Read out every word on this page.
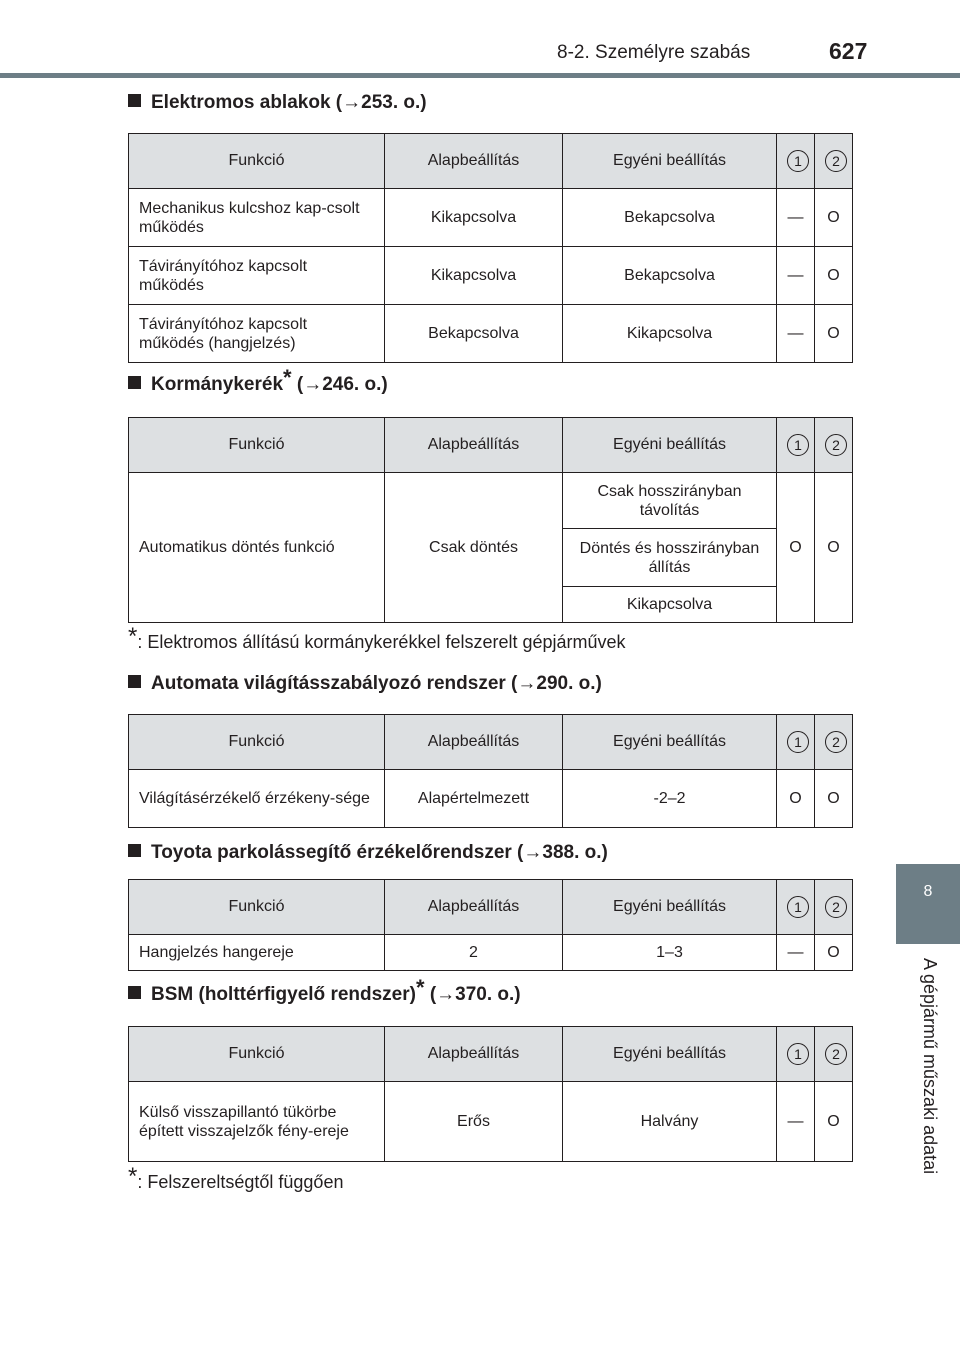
8-2. Személyre szabás	627
8
A gépjármű műszaki adatai
Elektromos ablakok (→253. o.)
Funkció	Alapbeállítás	Egyéni beállítás	1	2
Mechanikus kulcshoz kap-csolt működés	Kikapcsolva	Bekapcsolva	—	O
Távirányítóhoz kapcsolt működés	Kikapcsolva	Bekapcsolva	—	O
Távirányítóhoz kapcsolt működés (hangjelzés)	Bekapcsolva	Kikapcsolva	—	O
Kormánykerék* (→246. o.)
Funkció	Alapbeállítás	Egyéni beállítás	1	2
Automatikus döntés funkció	Csak döntés	Csak hosszirányban távolítás	O	O
		Döntés és hosszirányban állítás		
		Kikapcsolva		
*: Elektromos állítású kormánykerékkel felszerelt gépjárművek
Automata világításszabályozó rendszer (→290. o.)
Funkció	Alapbeállítás	Egyéni beállítás	1	2
Világításérzékelő érzékeny-sége	Alapértelmezett	-2–2	O	O
Toyota parkolássegítő érzékelőrendszer (→388. o.)
Funkció	Alapbeállítás	Egyéni beállítás	1	2
Hangjelzés hangereje	2	1–3	—	O
BSM (holttérfigyelő rendszer)* (→370. o.)
Funkció	Alapbeállítás	Egyéni beállítás	1	2
Külső visszapillantó tükörbe épített visszajelzők fény-ereje	Erős	Halvány	—	O
*: Felszereltségtől függően
